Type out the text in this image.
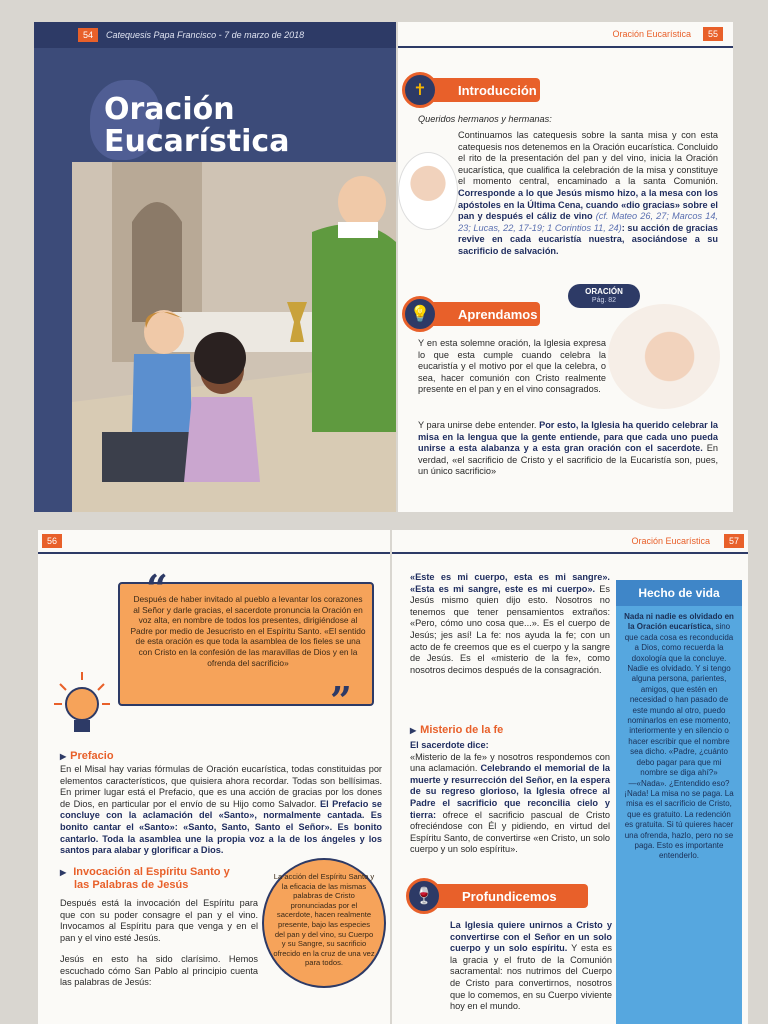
54	Catequesis Papa Francisco - 7 de marzo de 2018
Oración
Eucarística
Oración Eucarística	55
Introducción
✝
Queridos hermanos y hermanas:
Continuamos las catequesis sobre la santa misa y con esta catequesis nos detenemos en la Oración eucarística. Concluido el rito de la presentación del pan y del vino, inicia la Oración eucarística, que cualifica la celebración de la misa y constituye el momento central, encaminado a la santa Comunión. Corresponde a lo que Jesús mismo hizo, a la mesa con los apóstoles en la Última Cena, cuando «dio gracias» sobre el pan y después el cáliz de vino (cf. Mateo 26, 27; Marcos 14, 23; Lucas, 22, 17-19; 1 Corintios 11, 24): su acción de gracias revive en cada eucaristía nuestra, asociándose a su sacrificio de salvación.
ORACIÓN
Pág. 82
Aprendamos
💡
Y en esta solemne oración, la Iglesia expresa lo que esta cumple cuando celebra la eucaristía y el motivo por el que la celebra, o sea, hacer comunión con Cristo realmente presente en el pan y en el vino consagrados.
Y para unirse debe entender. Por esto, la Iglesia ha querido celebrar la misa en la lengua que la gente entiende, para que cada uno pueda unirse a esta alabanza y a esta gran oración con el sacerdote. En verdad, «el sacrificio de Cristo y el sacrificio de la Eucaristía son, pues, un único sacrificio»
56
“
”
Después de haber invitado al pueblo a levantar los corazones al Señor y darle gracias, el sacerdote pronuncia la Oración en voz alta, en nombre de todos los presentes, dirigiéndose al Padre por medio de Jesucristo en el Espíritu Santo. «El sentido de esta oración es que toda la asamblea de los fieles se una con Cristo en la confesión de las maravillas de Dios y en la ofrenda del sacrificio»
▶ Prefacio
En el Misal hay varias fórmulas de Oración eucarística, todas constituidas por elementos característicos, que quisiera ahora recordar. Todas son bellísimas. En primer lugar está el Prefacio, que es una acción de gracias por los dones de Dios, en particular por el envío de su Hijo como Salvador. El Prefacio se concluye con la aclamación del «Santo», normalmente cantada. Es bonito cantar el «Santo»: «Santo, Santo, Santo el Señor». Es bonito cantarlo. Toda la asamblea une la propia voz a la de los ángeles y los santos para alabar y glorificar a Dios.
▶ Invocación al Espíritu Santo y
las Palabras de Jesús
Después está la invocación del Espíritu para que con su poder consagre el pan y el vino. Invocamos al Espíritu para que venga y en el pan y el vino esté Jesús.
Jesús en esto ha sido clarísimo. Hemos escuchado cómo San Pablo al principio cuenta las palabras de Jesús:
La acción del Espíritu Santo y la eficacia de las mismas palabras de Cristo pronunciadas por el sacerdote, hacen realmente presente, bajo las especies del pan y del vino, su Cuerpo y su Sangre, su sacrificio ofrecido en la cruz de una vez para todos.
Oración Eucarística	57
«Este es mi cuerpo, esta es mi sangre». «Esta es mi sangre, este es mi cuerpo». Es Jesús mismo quien dijo esto. Nosotros no tenemos que tener pensamientos extraños: «Pero, cómo uno cosa que...». Es el cuerpo de Jesús; jes así! La fe: nos ayuda la fe; con un acto de fe creemos que es el cuerpo y la sangre de Jesús. Es el «misterio de la fe», como nosotros decimos después de la consagración.
▶ Misterio de la fe
El sacerdote dice:
«Misterio de la fe» y nosotros respondemos con una aclamación. Celebrando el memorial de la muerte y resurrección del Señor, en la espera de su regreso glorioso, la Iglesia ofrece al Padre el sacrificio que reconcilia cielo y tierra: ofrece el sacrificio pascual de Cristo ofreciéndose con Él y pidiendo, en virtud del Espíritu Santo, de convertirse «en Cristo, un solo cuerpo y un solo espíritu».
Profundicemos
🍷
La Iglesia quiere unirnos a Cristo y convertirse con el Señor en un solo cuerpo y un solo espíritu. Y esta es la gracia y el fruto de la Comunión sacramental: nos nutrimos del Cuerpo de Cristo para convertirnos, nosotros que lo comemos, en su Cuerpo viviente hoy en el mundo.
Hecho de vida
Nada ni nadie es olvidado en la Oración eucarística, sino que cada cosa es reconducida a Dios, como recuerda la doxología que la concluye. Nadie es olvidado. Y si tengo alguna persona, parientes, amigos, que estén en necesidad o han pasado de este mundo al otro, puedo nominarlos en ese momento, interiormente y en silencio o hacer escribir que el nombre sea dicho. «Padre, ¿cuánto debo pagar para que mi nombre se diga ahí?» —«Nada». ¿Entendido eso? ¡Nada! La misa no se paga. La misa es el sacrificio de Cristo, que es gratuito. La redención es gratuita. Si tú quieres hacer una ofrenda, hazlo, pero no se paga. Esto es importante entenderlo.
